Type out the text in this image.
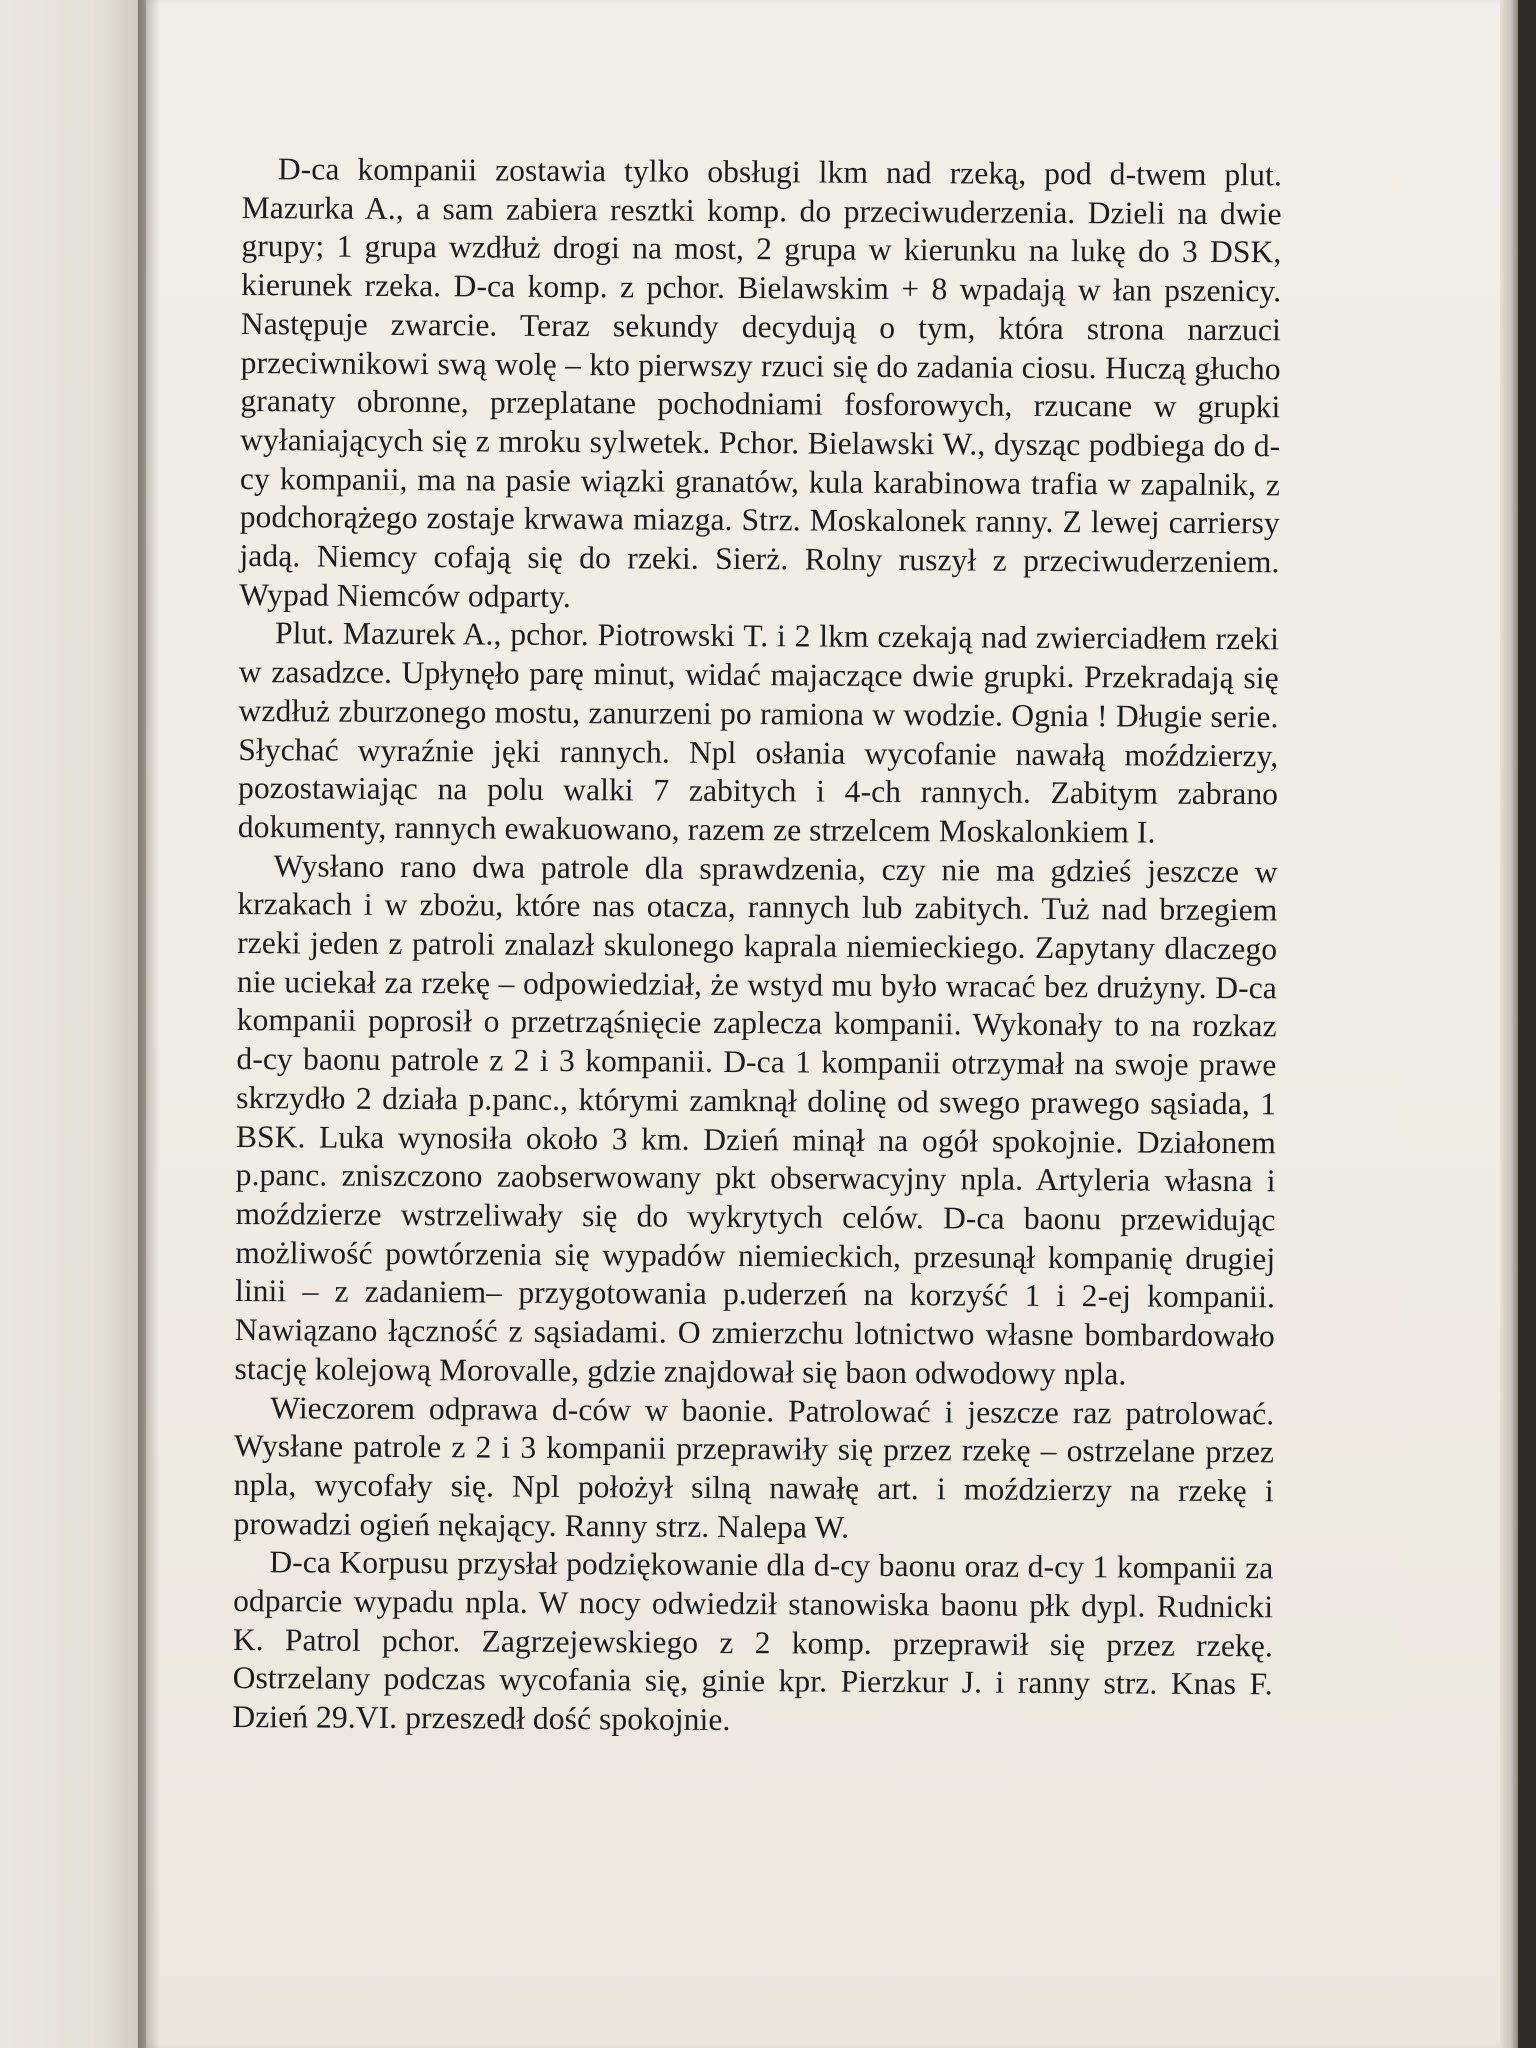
D-ca kompanii zostawia tylko obsługi lkm nad rzeką, pod d-twem plut. Mazurka A., a sam zabiera resztki komp. do przeciwuderzenia. Dzieli na dwie grupy; 1 grupa wzdłuż drogi na most, 2 grupa w kierunku na lukę do 3 DSK, kierunek rzeka. D-ca komp. z pchor. Bielawskim + 8 wpadają w łan pszenicy. Następuje zwarcie. Teraz sekundy decydują o tym, która strona narzuci przeciwnikowi swą wolę – kto pierwszy rzuci się do zadania ciosu. Huczą głucho granaty obronne, przeplatane pochodniami fosforowych, rzucane w grupki wyłaniających się z mroku sylwetek. Pchor. Bielawski W., dysząc podbiega do d-cy kompanii, ma na pasie wiązki granatów, kula karabinowa trafia w zapalnik, z podchorążego zostaje krwawa miazga. Strz. Moskalonek ranny. Z lewej carriersy jadą. Niemcy cofają się do rzeki. Sierż. Rolny ruszył z przeciwuderzeniem. Wypad Niemców odparty.

Plut. Mazurek A., pchor. Piotrowski T. i 2 lkm czekają nad zwierciadłem rzeki w zasadzce. Upłynęło parę minut, widać majaczące dwie grupki. Przekradają się wzdłuż zburzonego mostu, zanurzeni po ramiona w wodzie. Ognia ! Długie serie. Słychać wyraźnie jęki rannych. Npl osłania wycofanie nawałą moździerzy, pozostawiając na polu walki 7 zabitych i 4-ch rannych. Zabitym zabrano dokumenty, rannych ewakuowano, razem ze strzelcem Moskalonkiem I.

Wysłano rano dwa patrole dla sprawdzenia, czy nie ma gdzieś jeszcze w krzakach i w zbożu, które nas otacza, rannych lub zabitych. Tuż nad brzegiem rzeki jeden z patroli znalazł skulonego kaprala niemieckiego. Zapytany dlaczego nie uciekał za rzekę – odpowiedział, że wstyd mu było wracać bez drużyny. D-ca kompanii poprosił o przetrząśnięcie zaplecza kompanii. Wykonały to na rozkaz d-cy baonu patrole z 2 i 3 kompanii. D-ca 1 kompanii otrzymał na swoje prawe skrzydło 2 działa p.panc., którymi zamknął dolinę od swego prawego sąsiada, 1 BSK. Luka wynosiła około 3 km. Dzień minął na ogół spokojnie. Działonem p.panc. zniszczono zaobserwowany pkt obserwacyjny npla. Artyleria własna i moździerze wstrzeliwały się do wykrytych celów. D-ca baonu przewidując możliwość powtórzenia się wypadów niemieckich, przesunął kompanię drugiej linii – z zadaniem– przygotowania p.uderzeń na korzyść 1 i 2-ej kompanii. Nawiązano łączność z sąsiadami. O zmierzchu lotnictwo własne bombardowało stację kolejową Morovalle, gdzie znajdował się baon odwodowy npla.

Wieczorem odprawa d-ców w baonie. Patrolować i jeszcze raz patrolować. Wysłane patrole z 2 i 3 kompanii przeprawiły się przez rzekę – ostrzelane przez npla, wycofały się. Npl położył silną nawałę art. i moździerzy na rzekę i prowadzi ogień nękający. Ranny strz. Nalepa W.

D-ca Korpusu przysłał podziękowanie dla d-cy baonu oraz d-cy 1 kompanii za odparcie wypadu npla. W nocy odwiedził stanowiska baonu płk dypl. Rudnicki K. Patrol pchor. Zagrzejewskiego z 2 komp. przeprawił się przez rzekę. Ostrzelany podczas wycofania się, ginie kpr. Pierzkur J. i ranny strz. Knas F. Dzień 29.VI. przeszedł dość spokojnie.
